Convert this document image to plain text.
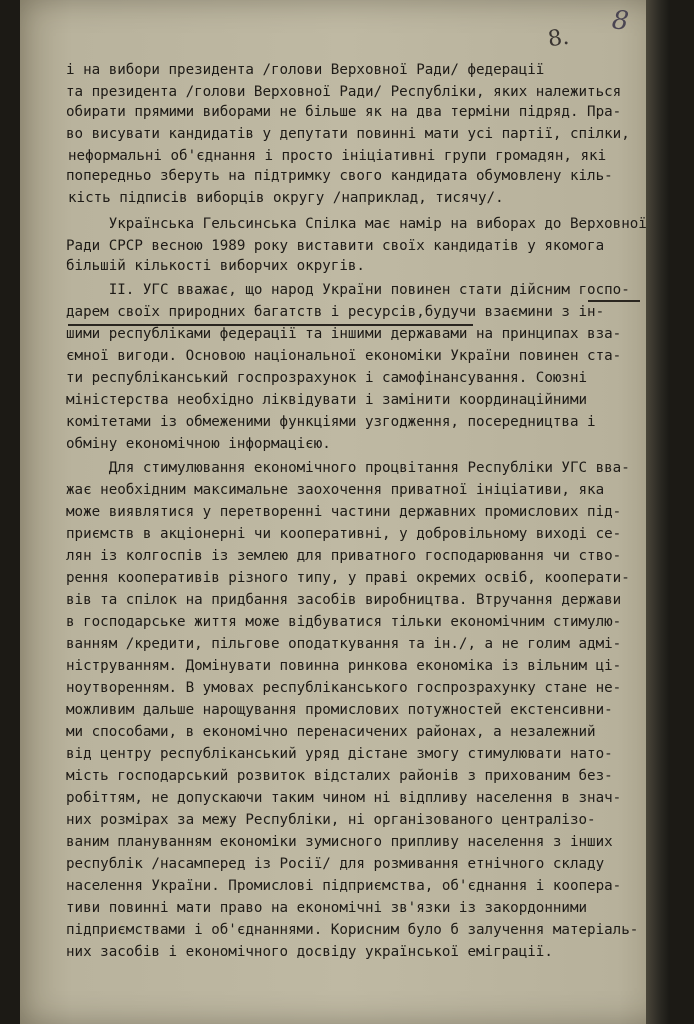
8.
8
і на вибори президента /голови Верховної Ради/ федерації
та президента /голови Верховної Ради/ Республіки, яких належиться
обирати прямими виборами не більше як на два терміни підряд. Пра-
во висувати кандидатів у депутати повинні мати усі партії, спілки,
неформальні об'єднання і просто ініціативні групи громадян, які
попередньо зберуть на підтримку свого кандидата обумовлену кіль-
кість підписів виборців округу /наприклад, тисячу/.
Українська Гельсинська Спілка має намір на виборах до Верховної
Ради СРСР весною 1989 року виставити своїх кандидатів у якомога
більшій кількості виборчих округів.
II. УГС вважає, що народ України повинен стати дійсним госпо-
дарем своїх природних багатств і ресурсів,будучи взаємини з ін-
шими республіками федерації та іншими державами на принципах вза-
ємної вигоди. Основою національної економіки України повинен ста-
ти республіканський госпрозрахунок і самофінансування. Союзні
міністерства необхідно ліквідувати і замінити координаційними
комітетами із обмеженими функціями узгодження, посередництва і
обміну економічною інформацією.
Для стимулювання економічного процвітання Республіки УГС вва-
жає необхідним максимальне заохочення приватної ініціативи, яка
може виявлятися у перетворенні частини державних промислових під-
приємств в акціонерні чи кооперативні, у добровільному виході се-
лян із колгоспів із землею для приватного господарювання чи ство-
рення кооперативів різного типу, у праві окремих освіб, кооперати-
вів та спілок на придбання засобів виробництва. Втручання держави
в господарське життя може відбуватися тільки економічним стимулю-
ванням /кредити, пільгове оподаткування та ін./, а не голим адмі-
ніструванням. Домінувати повинна ринкова економіка із вільним ці-
ноутворенням. В умовах республіканського госпрозрахунку стане не-
можливим дальше нарощування промислових потужностей екстенсивни-
ми способами, в економічно перенасичених районах, а незалежний
від центру республіканський уряд дістане змогу стимулювати нато-
мість господарський розвиток відсталих районів з прихованим без-
робіттям, не допускаючи таким чином ні відпливу населення в знач-
них розмірах за межу Республіки, ні організованого централізо-
ваним плануванням економіки зумисного припливу населення з інших
республік /насамперед із Росії/ для розмивання етнічного складу
населення України. Промислові підприємства, об'єднання і коопера-
тиви повинні мати право на економічні зв'язки із закордонними
підприємствами і об'єднаннями. Корисним було б залучення матеріаль-
них засобів і економічного досвіду української еміграції.
